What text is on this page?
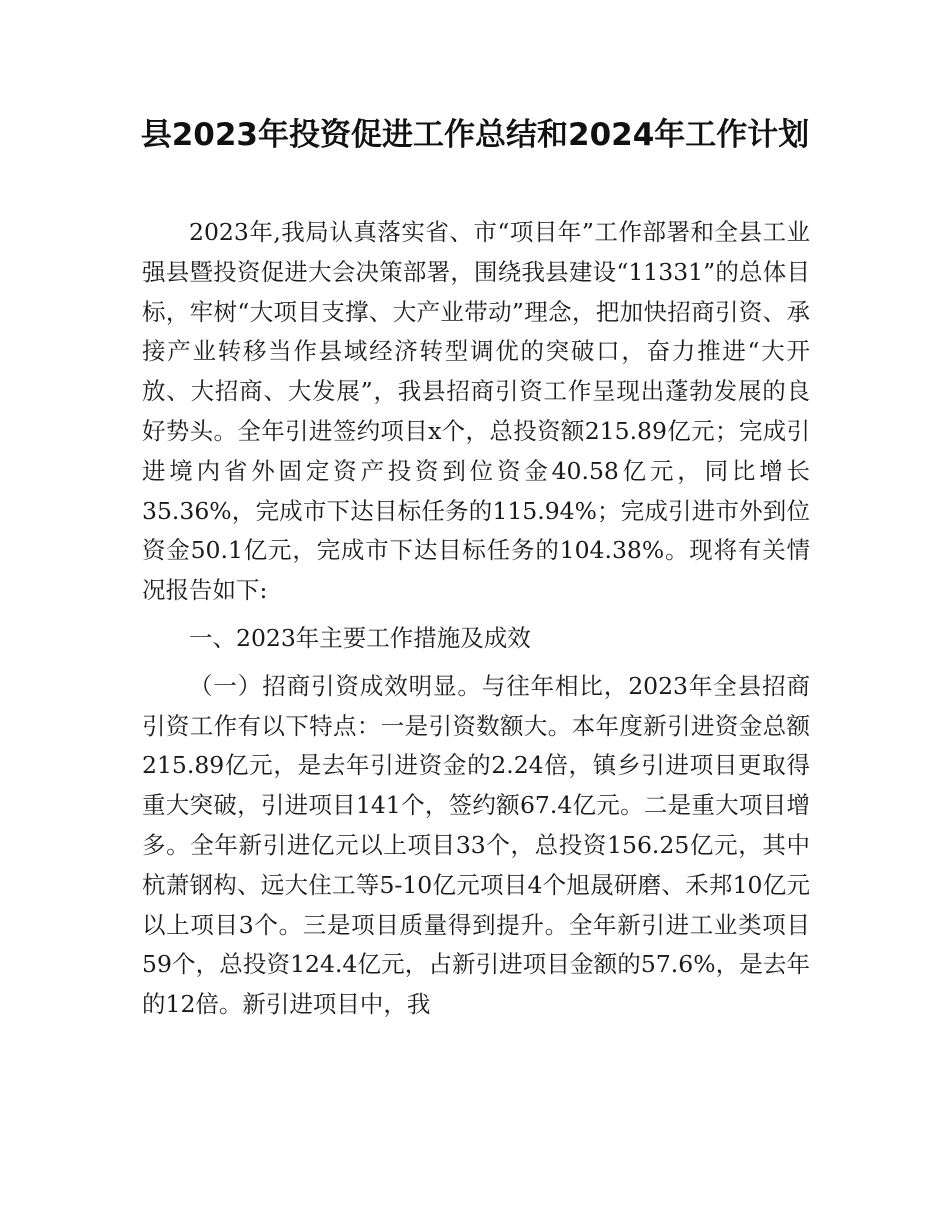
县2023年投资促进工作总结和2024年工作计划

2023年,我局认真落实省、市“项目年”工作部署和全县工业强县暨投资促进大会决策部署，围绕我县建设“11331”的总体目标，牢树“大项目支撑、大产业带动”理念，把加快招商引资、承接产业转移当作县域经济转型调优的突破口，奋力推进“大开放、大招商、大发展”，我县招商引资工作呈现出蓬勃发展的良好势头。全年引进签约项目x个，总投资额215.89亿元；完成引进境内省外固定资产投资到位资金40.58亿元，同比增长35.36%，完成市下达目标任务的115.94%；完成引进市外到位资金50.1亿元，完成市下达目标任务的104.38%。现将有关情况报告如下:

一、2023年主要工作措施及成效

（一）招商引资成效明显。与往年相比，2023年全县招商引资工作有以下特点：一是引资数额大。本年度新引进资金总额215.89亿元，是去年引进资金的2.24倍，镇乡引进项目更取得重大突破，引进项目141个，签约额67.4亿元。二是重大项目增多。全年新引进亿元以上项目33个，总投资156.25亿元，其中杭萧钢构、远大住工等5-10亿元项目4个旭晟研磨、禾邦10亿元以上项目3个。三是项目质量得到提升。全年新引进工业类项目59个，总投资124.4亿元，占新引进项目金额的57.6%，是去年的12倍。新引进项目中，我
